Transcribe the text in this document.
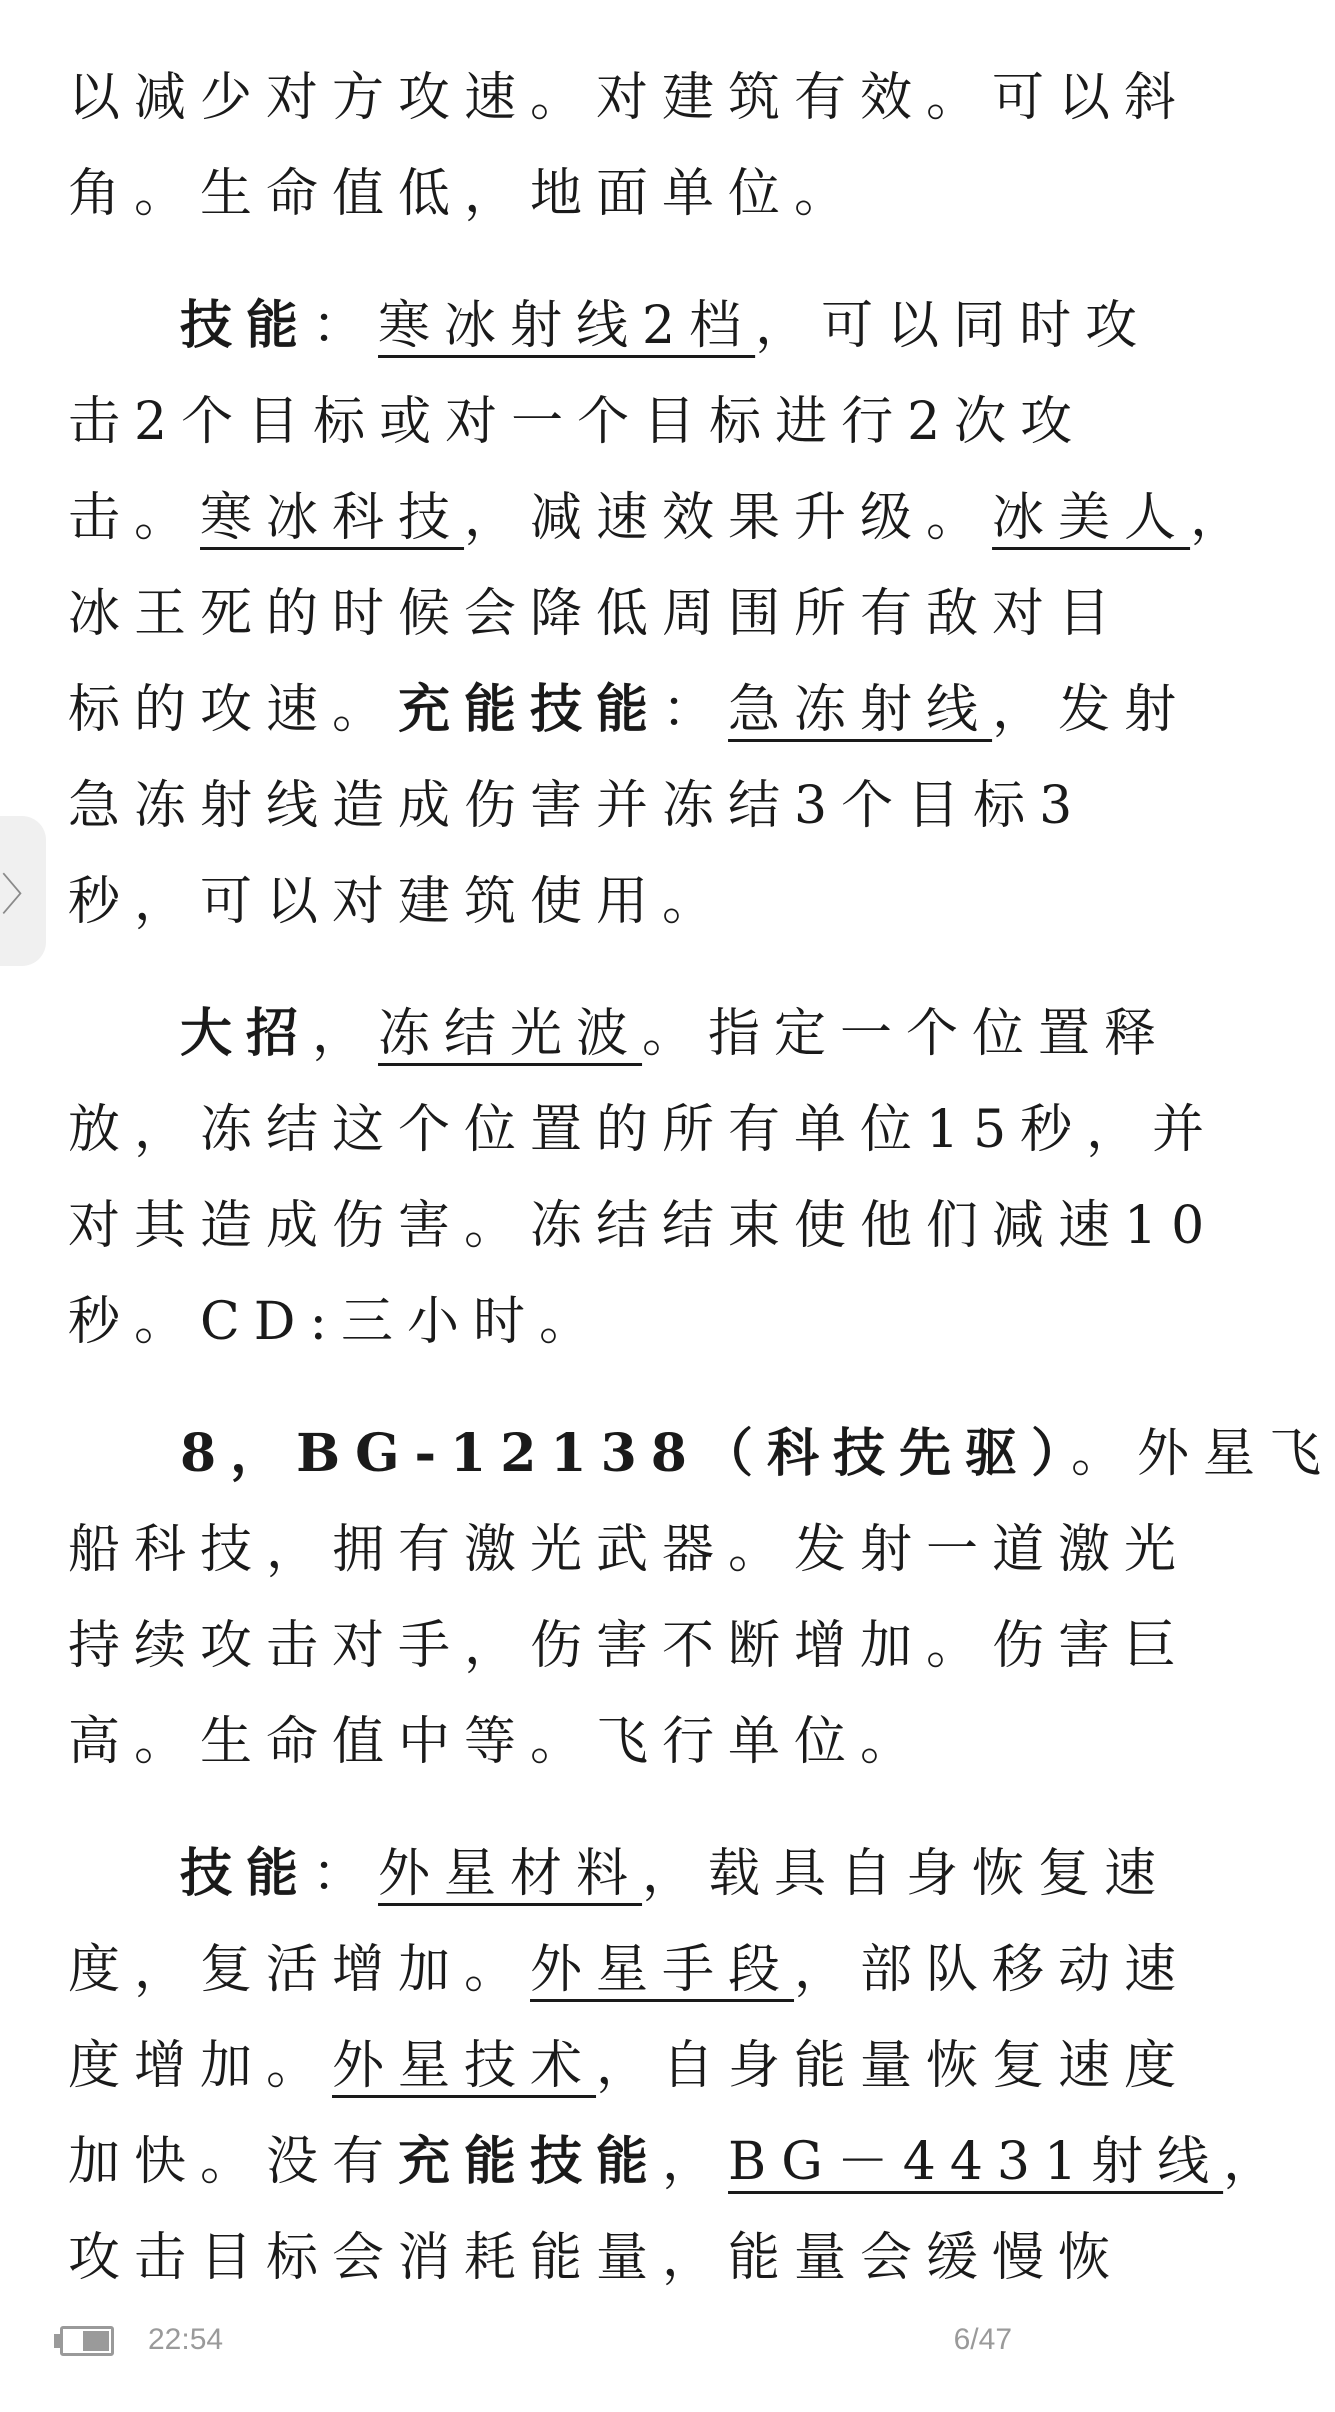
以减少对方攻速。对建筑有效。可以斜
角。生命值低，地面单位。
技能：寒冰射线2档，可以同时攻
击2个目标或对一个目标进行2次攻
击。寒冰科技，减速效果升级。冰美人，
冰王死的时候会降低周围所有敌对目
标的攻速。充能技能：急冻射线，发射
急冻射线造成伤害并冻结3个目标3
秒，可以对建筑使用。
大招，冻结光波。指定一个位置释
放，冻结这个位置的所有单位15秒，并
对其造成伤害。冻结结束使他们减速10
秒。CD:三小时。
8，BG-12138（科技先驱）。外星飞
船科技，拥有激光武器。发射一道激光
持续攻击对手，伤害不断增加。伤害巨
高。生命值中等。飞行单位。
技能：外星材料，载具自身恢复速
度，复活增加。外星手段，部队移动速
度增加。外星技术，自身能量恢复速度
加快。没有充能技能，BG－4431射线，
攻击目标会消耗能量，能量会缓慢恢
〉
22:54	6/47
